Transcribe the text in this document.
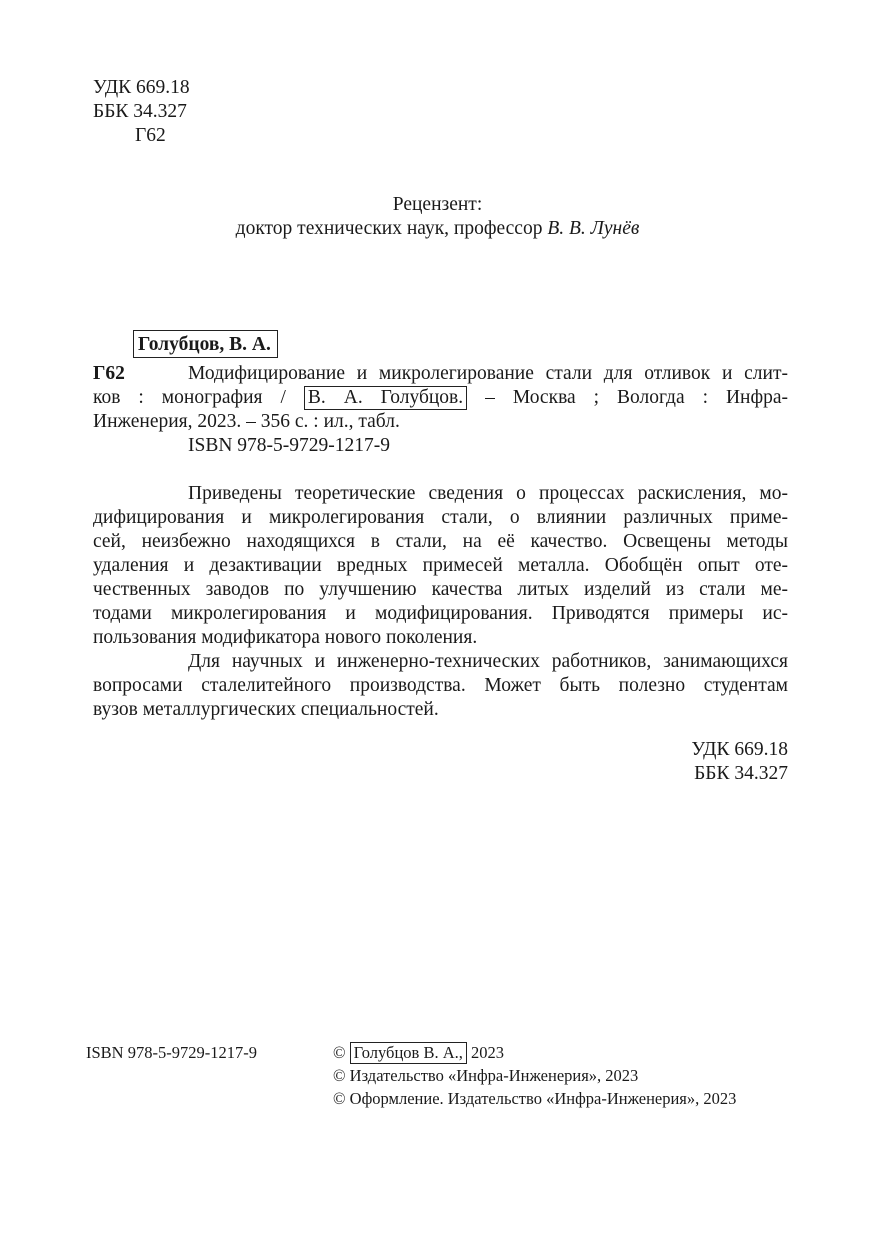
УДК 669.18
ББК 34.327
Г62
Рецензент:
доктор технических наук, профессор В. В. Лунёв
Голубцов, В. А.
Г62	Модифицирование и микролегирование стали для отливок и слит-
ков : монография / В. А. Голубцов. – Москва ; Вологда : Инфра-
Инженерия, 2023. – 356 с. : ил., табл.
ISBN 978-5-9729-1217-9
Приведены теоретические сведения о процессах раскисления, мо-
дифицирования и микролегирования стали, о влиянии различных приме-
сей, неизбежно находящихся в стали, на её качество. Освещены методы
удаления и дезактивации вредных примесей металла. Обобщён опыт оте-
чественных заводов по улучшению качества литых изделий из стали ме-
тодами микролегирования и модифицирования. Приводятся примеры ис-
пользования модификатора нового поколения.
Для научных и инженерно-технических работников, занимающихся
вопросами сталелитейного производства. Может быть полезно студентам
вузов металлургических специальностей.
УДК 669.18
ББК 34.327
ISBN 978-5-9729-1217-9	© Голубцов В. А., 2023
© Издательство «Инфра-Инженерия», 2023
© Оформление. Издательство «Инфра-Инженерия», 2023
